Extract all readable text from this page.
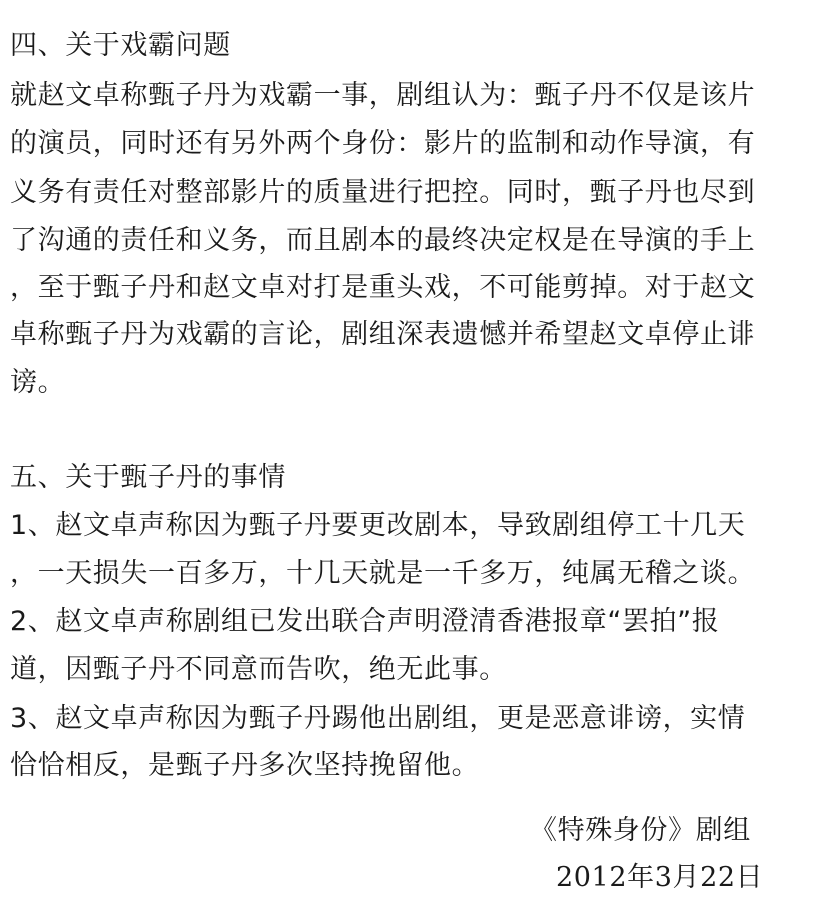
四、关于戏霸问题
就赵文卓称甄子丹为戏霸一事，剧组认为：甄子丹不仅是该片
的演员，同时还有另外两个身份：影片的监制和动作导演，有
义务有责任对整部影片的质量进行把控。同时，甄子丹也尽到
了沟通的责任和义务，而且剧本的最终决定权是在导演的手上
，至于甄子丹和赵文卓对打是重头戏，不可能剪掉。对于赵文
卓称甄子丹为戏霸的言论，剧组深表遗憾并希望赵文卓停止诽
谤。
五、关于甄子丹的事情
1、赵文卓声称因为甄子丹要更改剧本，导致剧组停工十几天
，一天损失一百多万，十几天就是一千多万，纯属无稽之谈。
2、赵文卓声称剧组已发出联合声明澄清香港报章“罢拍”报
道，因甄子丹不同意而告吹，绝无此事。
3、赵文卓声称因为甄子丹踢他出剧组，更是恶意诽谤，实情
恰恰相反，是甄子丹多次坚持挽留他。
《特殊身份》剧组
2012年3月22日
